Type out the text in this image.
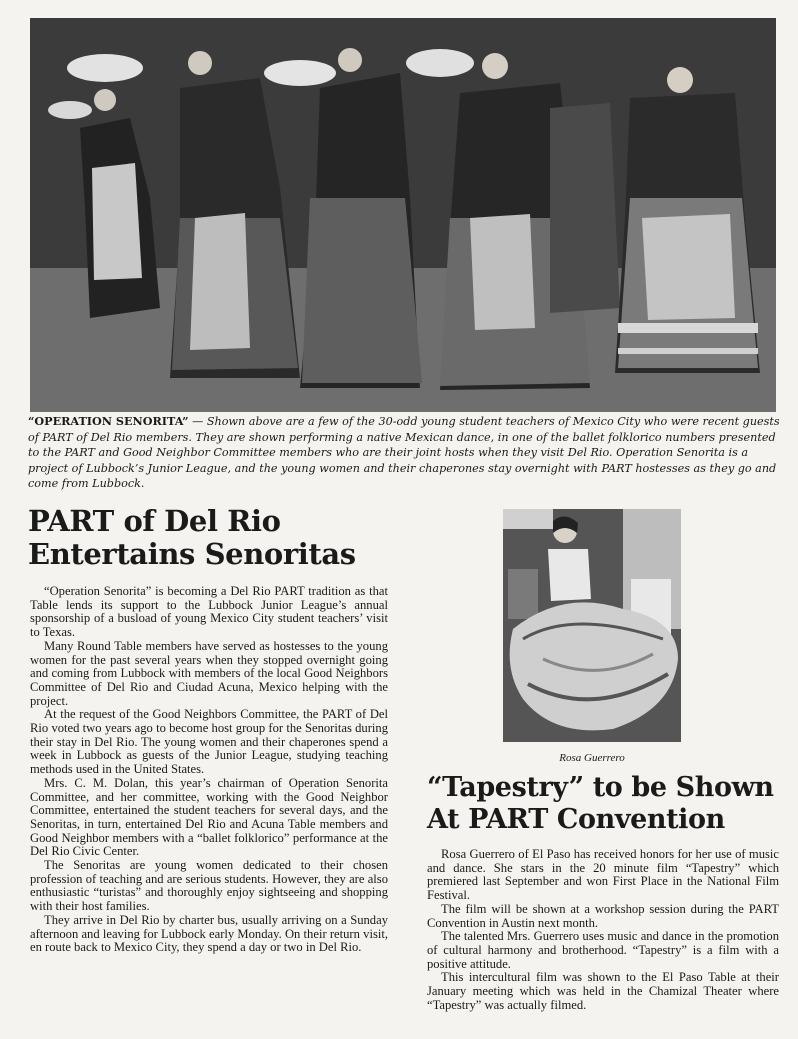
“OPERATION SENORITA” — Shown above are a few of the 30-odd young student teachers of Mexico City who were recent guests of PART of Del Rio members. They are shown performing a native Mexican dance, in one of the ballet folklorico numbers presented to the PART and Good Neighbor Committee members who are their joint hosts when they visit Del Rio. Operation Senorita is a project of Lubbock’s Junior League, and the young women and their chaperones stay overnight with PART hostesses as they go and come from Lubbock.
PART of Del Rio Entertains Senoritas

“Operation Senorita” is becoming a Del Rio PART tradition as that Table lends its support to the Lubbock Junior League’s annual sponsorship of a busload of young Mexico City student teachers’ visit to Texas.

Many Round Table members have served as hostesses to the young women for the past several years when they stopped overnight going and coming from Lubbock with members of the local Good Neighbors Committee of Del Rio and Ciudad Acuna, Mexico helping with the project.

At the request of the Good Neighbors Committee, the PART of Del Rio voted two years ago to become host group for the Senoritas during their stay in Del Rio. The young women and their chaperones spend a week in Lubbock as guests of the Junior League, studying teaching methods used in the United States.

Mrs. C. M. Dolan, this year’s chairman of Operation Senorita Committee, and her committee, working with the Good Neighbor Committee, entertained the student teachers for several days, and the Senoritas, in turn, entertained Del Rio and Acuna Table members and Good Neighbor members with a “ballet folklorico” performance at the Del Rio Civic Center.

The Senoritas are young women dedicated to their chosen profession of teaching and are serious students. However, they are also enthusiastic “turistas” and thoroughly enjoy sightseeing and shopping with their host families.

They arrive in Del Rio by charter bus, usually arriving on a Sunday afternoon and leaving for Lubbock early Monday. On their return visit, en route back to Mexico City, they spend a day or two in Del Rio.

Rosa Guerrero
“Tapestry” to be Shown At PART Convention

Rosa Guerrero of El Paso has received honors for her use of music and dance. She stars in the 20 minute film “Tapestry” which premiered last September and won First Place in the National Film Festival.

The film will be shown at a workshop session during the PART Convention in Austin next month.

The talented Mrs. Guerrero uses music and dance in the promotion of cultural harmony and brotherhood. “Tapestry” is a film with a positive attitude.

This intercultural film was shown to the El Paso Table at their January meeting which was held in the Chamizal Theater where “Tapestry” was actually filmed.
